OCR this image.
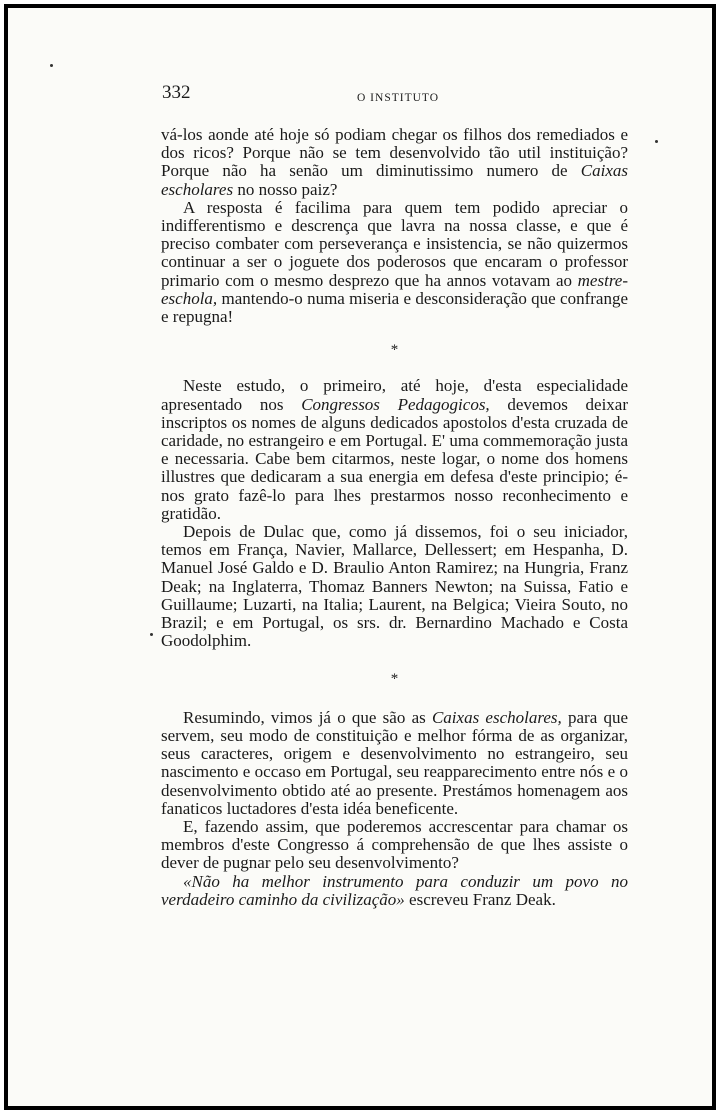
332	O INSTITUTO

vá-los aonde até hoje só podiam chegar os filhos dos remediados e dos ricos? Porque não se tem desenvolvido tão util instituição? Porque não ha senão um diminutissimo numero de Caixas escholares no nosso paiz?

A resposta é facilima para quem tem podido apreciar o indifferentismo e descrença que lavra na nossa classe, e que é preciso combater com perseverança e insistencia, se não quizermos continuar a ser o joguete dos poderosos que encaram o professor primario com o mesmo desprezo que ha annos votavam ao mestre-eschola, mantendo-o numa miseria e desconsideração que confrange e repugna!

*

Neste estudo, o primeiro, até hoje, d'esta especialidade apresentado nos Congressos Pedagogicos, devemos deixar inscriptos os nomes de alguns dedicados apostolos d'esta cruzada de caridade, no estrangeiro e em Portugal. E' uma commemoração justa e necessaria. Cabe bem citarmos, neste logar, o nome dos homens illustres que dedicaram a sua energia em defesa d'este principio; é-nos grato fazê-lo para lhes prestarmos nosso reconhecimento e gratidão.

Depois de Dulac que, como já dissemos, foi o seu iniciador, temos em França, Navier, Mallarce, Dellessert; em Hespanha, D. Manuel José Galdo e D. Braulio Anton Ramirez; na Hungria, Franz Deak; na Inglaterra, Thomaz Banners Newton; na Suissa, Fatio e Guillaume; Luzarti, na Italia; Laurent, na Belgica; Vieira Souto, no Brazil; e em Portugal, os srs. dr. Bernardino Machado e Costa Goodolphim.

*

Resumindo, vimos já o que são as Caixas escholares, para que servem, seu modo de constituição e melhor fórma de as organizar, seus caracteres, origem e desenvolvimento no estrangeiro, seu nascimento e occaso em Portugal, seu reapparecimento entre nós e o desenvolvimento obtido até ao presente. Prestámos homenagem aos fanaticos luctadores d'esta idéa beneficente.

E, fazendo assim, que poderemos accrescentar para chamar os membros d'este Congresso á comprehensão de que lhes assiste o dever de pugnar pelo seu desenvolvimento?

«Não ha melhor instrumento para conduzir um povo no verdadeiro caminho da civilização» escreveu Franz Deak.
